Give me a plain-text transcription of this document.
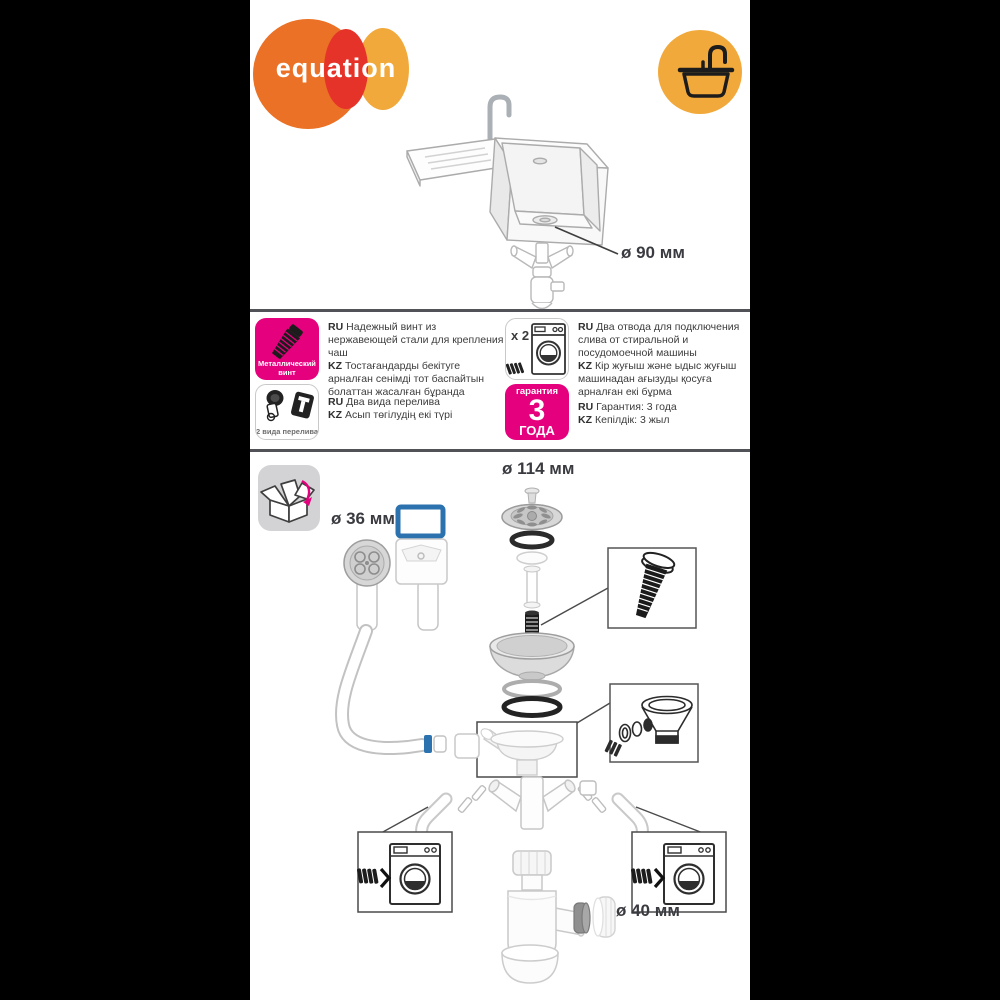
equation
ø 90 мм
Металлический винт

RU Надежный винт из нержавеющей стали для крепления чаш

KZ Тостағандарды бекітуге арналған сенімді тот баспайтын болаттан жасалған бұранда

2 вида перелива

RU Два вида перелива

KZ Асып төгілудің екі түрі

x 2

RU Два отвода для подключения слива от стиральной и посудомоечной машины

KZ Кір жуғыш және ыдыс жуғыш машинадан ағызуды қосуға арналған екі бұрма

гарантия
3
ГОДА

RU Гарантия: 3 года

KZ Кепілдік: 3 жыл

ø 114 мм
ø 36 мм
ø 40 мм
